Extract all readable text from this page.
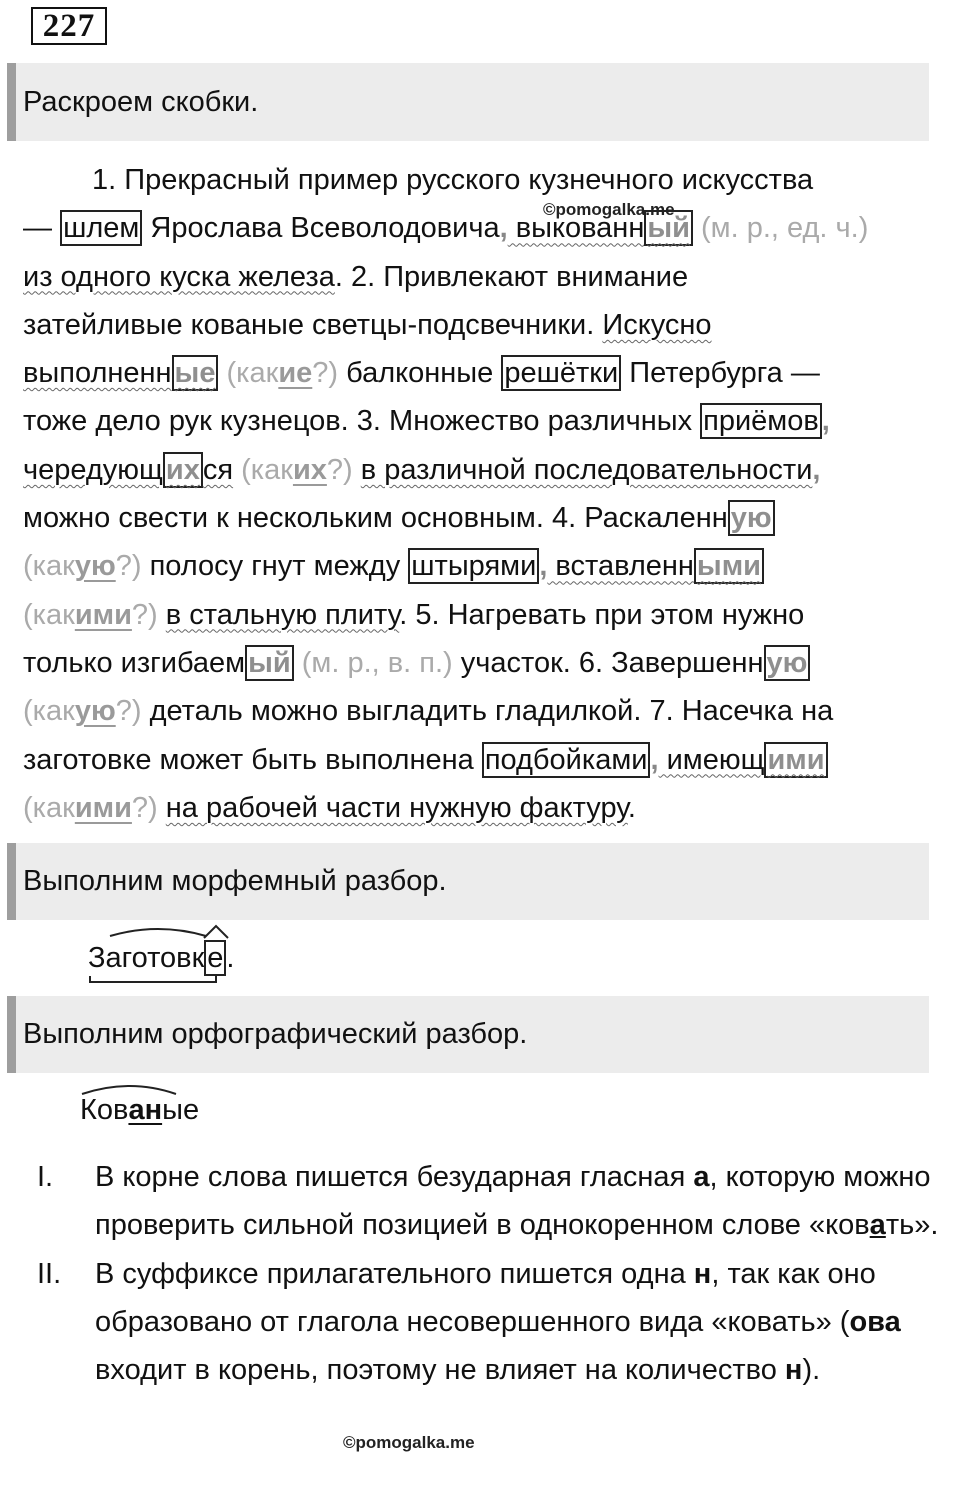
227
Раскроем скобки.
©pomogalka.me
1. Прекрасный пример русского кузнечного искусства
— шлем Ярослава Всеволодовича, выкованн ый (м. р., ед. ч.)
из одного куска железа. 2. Привлекают внимание
затейливые кованые светцы-подсвечники. Искусно
выполненн ые (какие?) балконные решётки Петербурга —
тоже дело рук кузнецов. 3. Множество различных приёмов ,
чередующ их ся (каких?) в различной последовательности,
можно свести к нескольким основным. 4. Раскаленн ую
(какую?) полосу гнут между штырями , вставленн ыми
(какими?) в стальную плиту. 5. Нагревать при этом нужно
только изгибаем ый (м. р., в. п.) участок. 6. Завершенн ую
(какую?) деталь можно выгладить гладилкой. 7. Насечка на
заготовке может быть выполнена подбойками , имеющ ими
(какими?) на рабочей части нужную фактуру.
Выполним морфемный разбор.
Заготовк е .
Выполним орфографический разбор.
Кованые
I.	В корне слова пишется безударная гласная а, которую можно проверить сильной позицией в однокоренном слове «ковать».
II.	В суффиксе прилагательного пишется одна н, так как оно образовано от глагола несовершенного вида «ковать» (ова входит в корень, поэтому не влияет на количество н).
©pomogalka.me
